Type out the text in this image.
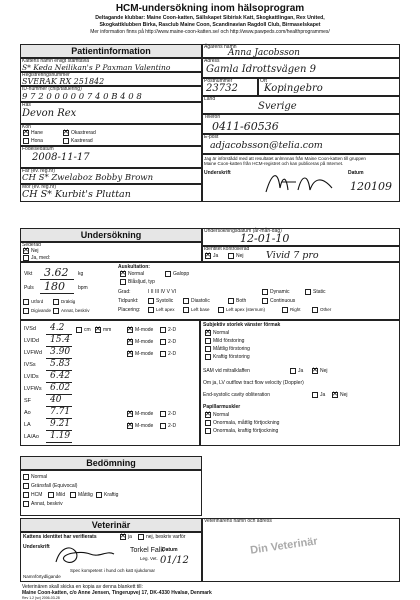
HCM-undersökning inom hälsoprogram
Deltagande klubbar: Maine Coon-katten, Sällskapet Sibirisk Katt, Skogkattlingan, Rex United,
Skogkattklubben Birka, Rasclub Maine Coon, Scandinavian Ragdoll Club, Birmaselskapet
Mer information finns på http://www.maine-coon-katten.se/ och http://www.pawpeds.com/healthprogrammes/
Patientinformation
Kattens namn enligt stamtavla
S* Keda Neilikan's P Paxman Valentino
Registreringsnummer
SVERAK RX 251842
ID-nummer (chip/tatuering)
9 7 2 0 0 0 0 0 7 4 0 B 4 0 8
Ras
Devon Rex
Kön
✕
Hane ✕	Okastrerad
Hona	Kastrerad
Födelsedatum
2008-11-17
Far (ev. reg.nr)
CH S* Zwelaboz Bobby Brown
Mor (ev. reg.nr)
CH S* Kurbit's Pluttan
Ägarens namn
Anna Jacobsson
Adress
Gamla Idrottsvägen 9
Postnummer
23732
Ort
Kopingebro
Land
Sverige
Telefon
0411-60536
E-post
adjacobsson@telia.com
Jag är införstådd med att resultatet anlmnnas från Maine Coon-katten till gruppen
Maine Coon-katten från HCM-registret och kan publiceras på Internet.
Underskrift	Datum
120109
Undersökning	Undersökningsdatum (år-mån-dag)
12-01-10
Sederad
✕
Nej
Ja, med:
Identitet kontrollerad
✕
Ja	Nej Vivid 7 pro
Vikt 3.62 kg
Puls 180	bpm
Utförd	Dräktig
Digivande Annat, beskriv
Auskultation:
✕
Normal	Galopp
Blåsljud, typ
Grad:	I II III IV V VI	Dynamic	Static
Tidpunkt:	Systolic	Diastolic	Both	Continuous
Placering:	Left apex	Left base	Left apex (sternum)	Right	Other
IVSd 4.2	cm ✕ mm ✕	M-mode	2-D
LVIDd 15.4 ✕	M-mode	2-D
LVFWd 3.90 ✕	M-mode	2-D
IVSs 5.83
LVIDs 6.42
LVFWs 6.02
SF 40
Ao 7.71 ✕	M-mode	2-D
LA 9.21 ✕	M-mode	2-D
LA/Ao 1.19
Subjektiv storlek vänster förmak
✕
Normal
Mild förstoring
Måttlig förstoring
Kraftig förstoring
SAM vid mitralklaffen	Ja ✕	Nej
Om ja, LV outflow tract flow velocity (Doppler)
End-systolic cavity obliteration	Ja ✕	Nej
Papillarmuskler
✕
Normal
Onormala, måttlig förtjockning
Onormala, kraftig förtjockning
Bedömning
Normal
Gränsfall (Equivocal)
HCM	Mild	Måttlig Kraftig
Annat, beskriv
Veterinär
Kattens identitet har verifierats ✕	ja	nej, beskriv varför
Underskrift	Torkel Falk
Datum
Leg. Vet. 01/12
Spec kompetent i hund och katt sjukdomar
Namnförtydligande
Veterinärens namn och adress
Din Veterinär
Veterinären skall skicka en kopia av denna blankett till:
Maine Coon-katten, c/o Anne Jensen, Tingerupvej 17, DK-4330 Hvalsø, Denmark
Rev 1.2 (sv) 2006-03-28
